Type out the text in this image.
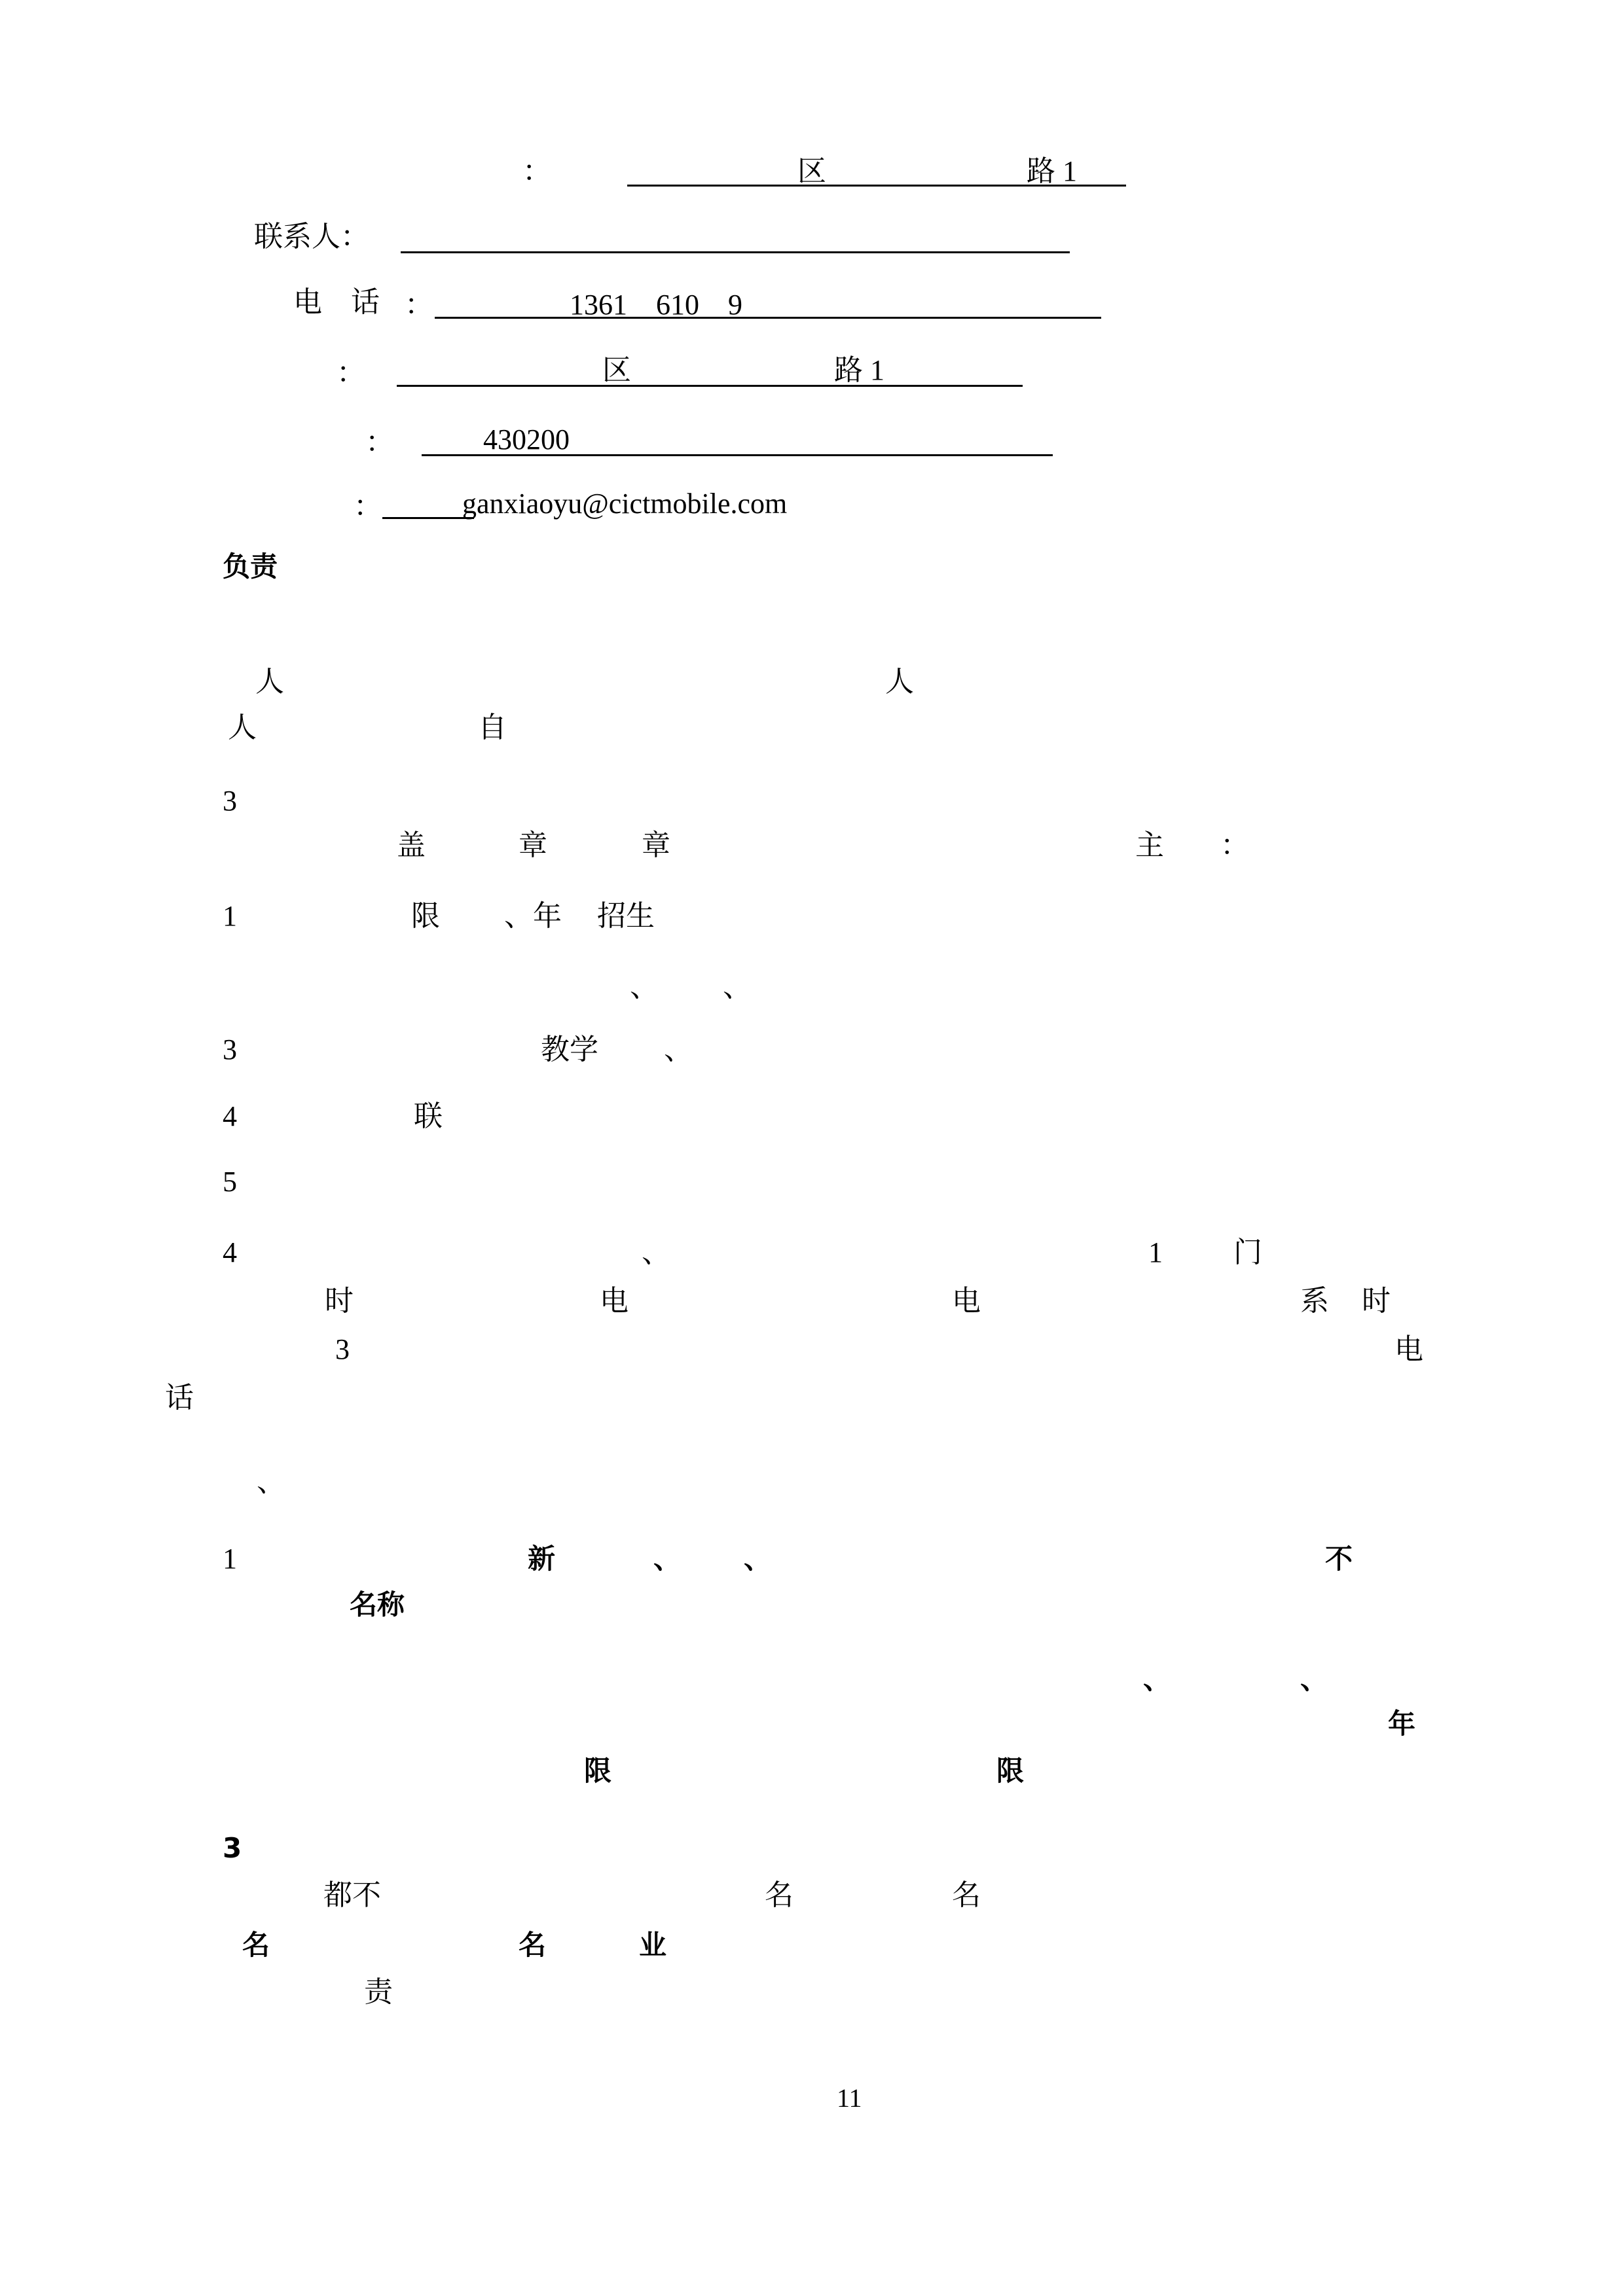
：	区	路 1
联系人：
电　话 ：	1361　610　9
：	区	路 1
：	430200
：	ganxiaoyu@cictmobile.com
负责
人	人
人	自
3
盖	章	章	主 ：
1	限 、年 招生
、 、
3	教学 、
4	联
5
4	、	1 门
时	电	电	系 时
3	电
话
、
1	新	、 、	不
名称
、	、
年
限	限
3
都不	名	名
名	名	业
责
11
